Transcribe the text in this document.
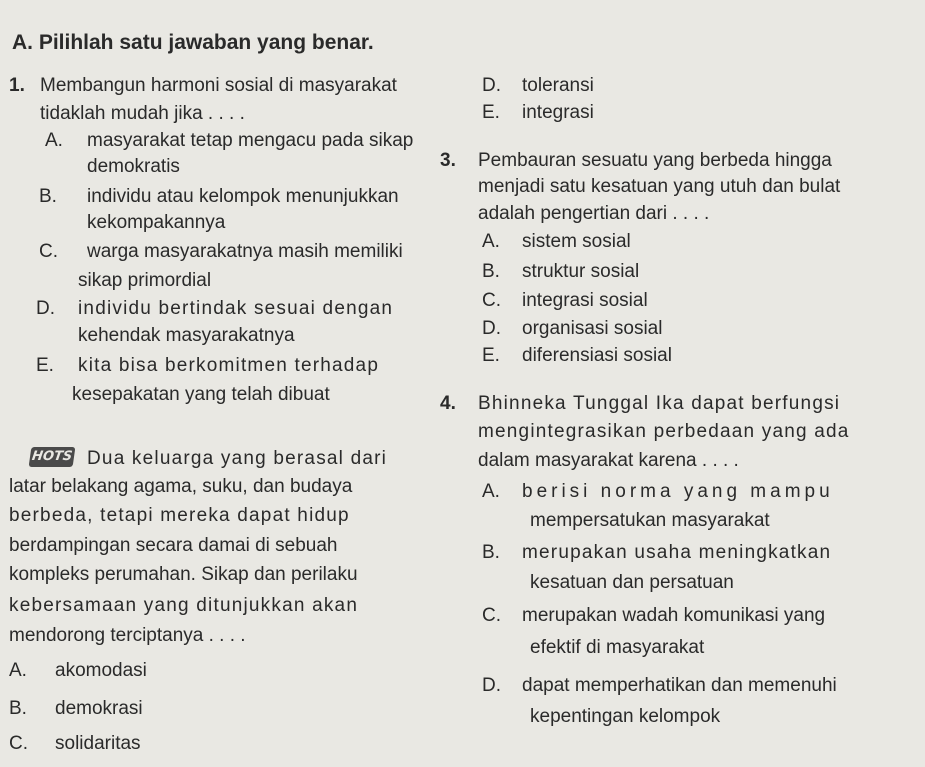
A. Pilihlah satu jawaban yang benar.
1. Membangun harmoni sosial di masyarakat
tidaklah mudah jika . . . .
A. masyarakat tetap mengacu pada sikap
demokratis
B. individu atau kelompok menunjukkan
kekompakannya
C. warga masyarakatnya masih memiliki
sikap primordial
D. individu bertindak sesuai dengan
kehendak masyarakatnya
E. kita bisa berkomitmen terhadap
kesepakatan yang telah dibuat
HOTS Dua keluarga yang berasal dari
latar belakang agama, suku, dan budaya
berbeda, tetapi mereka dapat hidup
berdampingan secara damai di sebuah
kompleks perumahan. Sikap dan perilaku
kebersamaan yang ditunjukkan akan
mendorong terciptanya . . . .
A. akomodasi
B. demokrasi
C. solidaritas
D. toleransi
E. integrasi
3. Pembauran sesuatu yang berbeda hingga
menjadi satu kesatuan yang utuh dan bulat
adalah pengertian dari . . . .
A. sistem sosial
B. struktur sosial
C. integrasi sosial
D. organisasi sosial
E. diferensiasi sosial
4. Bhinneka Tunggal Ika dapat berfungsi
mengintegrasikan perbedaan yang ada
dalam masyarakat karena . . . .
A. berisi norma yang mampu
mempersatukan masyarakat
B. merupakan usaha meningkatkan
kesatuan dan persatuan
C. merupakan wadah komunikasi yang
efektif di masyarakat
D. dapat memperhatikan dan memenuhi
kepentingan kelompok
